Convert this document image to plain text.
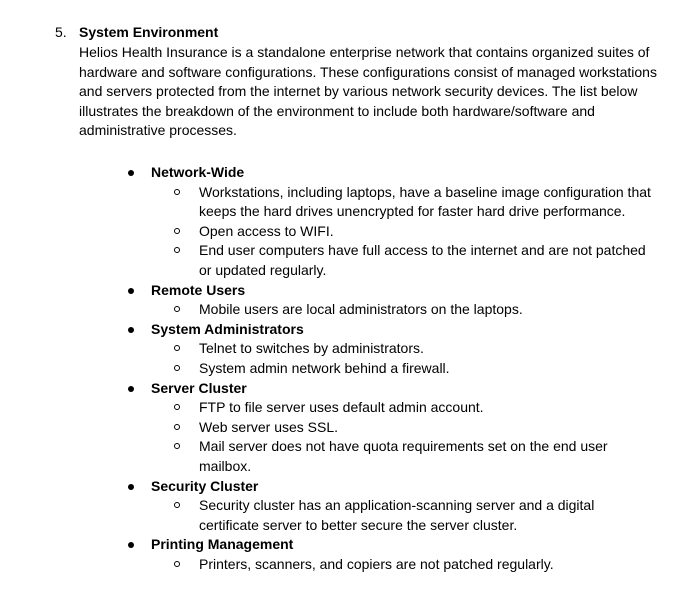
5. System Environment

Helios Health Insurance is a standalone enterprise network that contains organized suites of hardware and software configurations. These configurations consist of managed workstations and servers protected from the internet by various network security devices. The list below illustrates the breakdown of the environment to include both hardware/software and administrative processes.

Network-Wide
Workstations, including laptops, have a baseline image configuration that keeps the hard drives unencrypted for faster hard drive performance.
Open access to WIFI.
End user computers have full access to the internet and are not patched or updated regularly.
Remote Users
Mobile users are local administrators on the laptops.
System Administrators
Telnet to switches by administrators.
System admin network behind a firewall.
Server Cluster
FTP to file server uses default admin account.
Web server uses SSL.
Mail server does not have quota requirements set on the end user mailbox.
Security Cluster
Security cluster has an application-scanning server and a digital certificate server to better secure the server cluster.
Printing Management
Printers, scanners, and copiers are not patched regularly.
